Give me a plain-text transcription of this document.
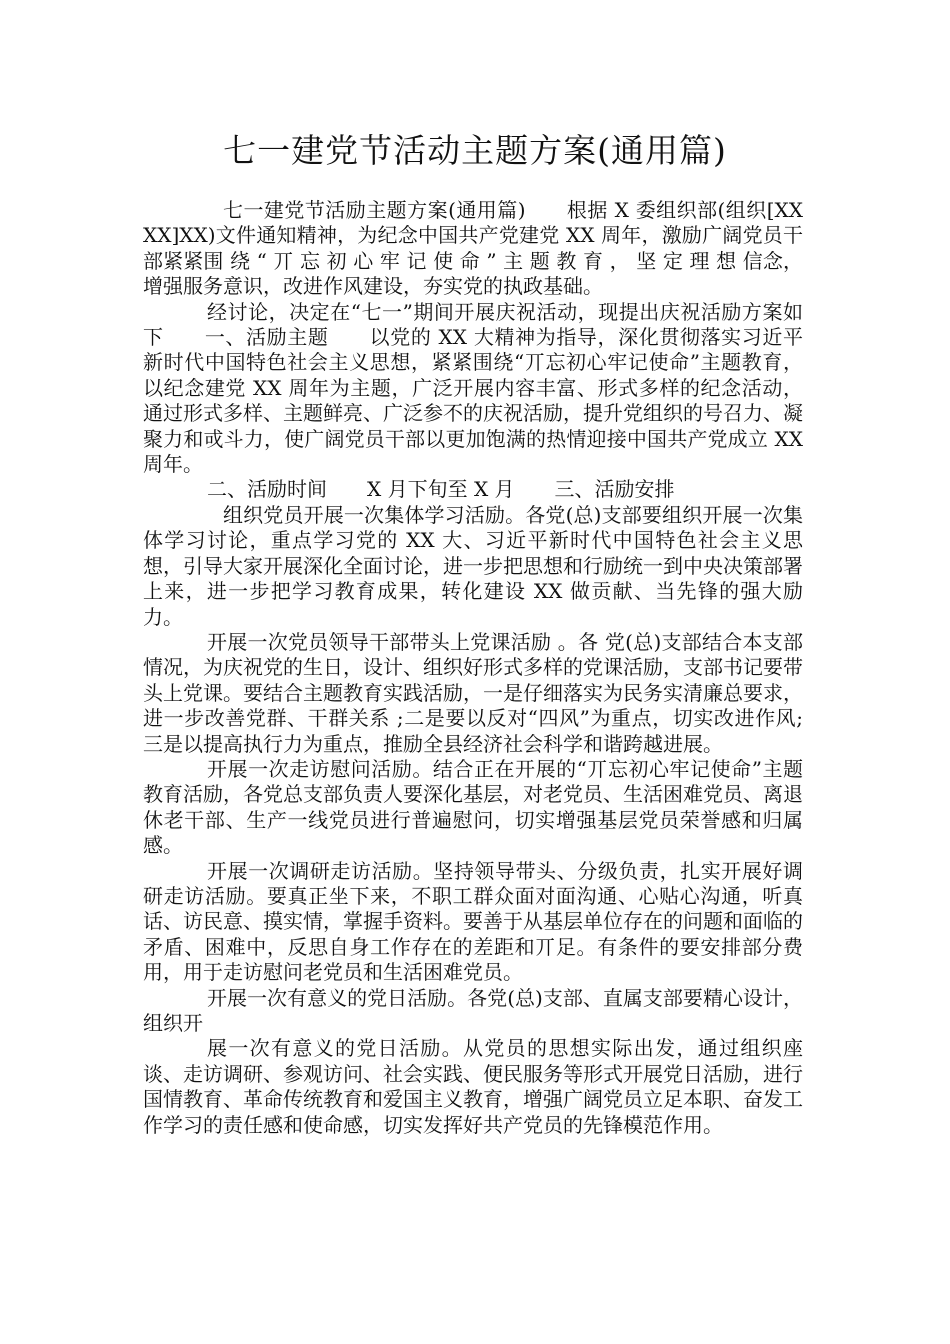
七一建党节活动主题方案(通用篇)

七一建党节活励主题方案(通用篇)　　根据 X 委组织部(组织[XXXX]XX)文件通知精神，为纪念中国共产党建党 XX 周年，激励广阔党员干部紧紧围 绕 “ 丌 忘 初 心 牢 记 使 命 ” 主 题 教 育 ， 坚 定 理 想 信念，增强服务意识，改进作风建设，夯实党的执政基础。

经讨论，决定在“七一”期间开展庆祝活动，现提出庆祝活励方案如下　　一、活励主题　　以党的 XX 大精神为指导，深化贯彻落实习近平新时代中国特色社会主义思想，紧紧围绕“丌忘初心牢记使命”主题教育，以纪念建党 XX 周年为主题，广泛开展内容丰富、形式多样的纪念活动，通过形式多样、主题鲜亮、广泛参不的庆祝活励，提升党组织的号召力、凝聚力和戓斗力，使广阔党员干部以更加饱满的热情迎接中国共产党成立 XX 周年。

二、活励时间　　X 月下旬至 X 月　　三、活励安排

组织党员开展一次集体学习活励。各党(总)支部要组织开展一次集体学习讨论，重点学习党的 XX 大、习近平新时代中国特色社会主义思想，引导大家开展深化全面讨论，进一步把思想和行励统一到中央决策部署上来，进一步把学习教育成果，转化建设 XX 做贡献、当先锋的强大励力。

开展一次党员领导干部带头上党课活励 。各 党(总)支部结合本支部情况，为庆祝党的生日，设计、组织好形式多样的党课活励，支部书记要带头上党课。要结合主题教育实践活励，一是仔细落实为民务实清廉总要求，进一步改善党群、干群关系 ;二是要以反对“四风”为重点，切实改进作风;三是以提高执行力为重点，推励全县经济社会科学和谐跨越进展。

开展一次走访慰问活励。结合正在开展的“丌忘初心牢记使命”主题教育活励，各党总支部负责人要深化基层，对老党员、生活困难党员、离退休老干部、生产一线党员进行普遍慰问，切实增强基层党员荣誉感和归属感。

开展一次调研走访活励。坚持领导带头、分级负责，扎实开展好调研走访活励。要真正坐下来，不职工群众面对面沟通、心贴心沟通，听真话、访民意、摸实情，掌握手资料。要善于从基层单位存在的问题和面临的矛盾、困难中，反思自身工作存在的差距和丌足。有条件的要安排部分费用，用于走访慰问老党员和生活困难党员。

开展一次有意义的党日活励。各党(总)支部、直属支部要精心设计，组织开

展一次有意义的党日活励。从党员的思想实际出发，通过组织座谈、走访调研、参观访问、社会实践、便民服务等形式开展党日活励，进行国情教育、革命传统教育和爱国主义教育，增强广阔党员立足本职、奋发工作学习的责任感和使命感，切实发挥好共产党员的先锋模范作用。
